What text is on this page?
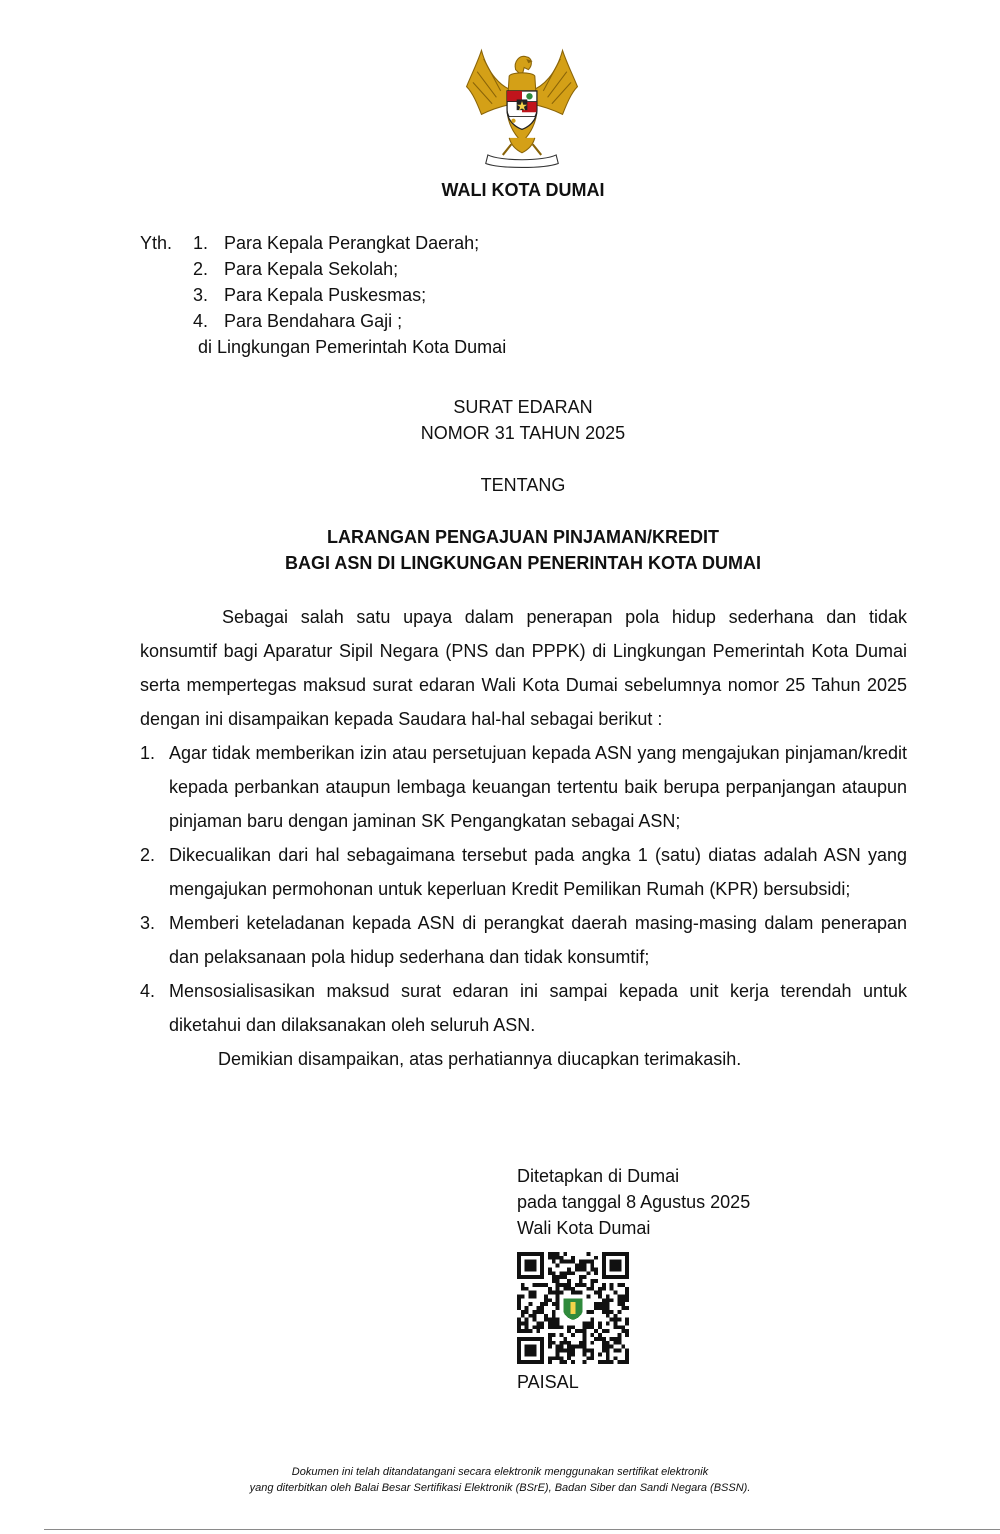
WALI KOTA DUMAI
Yth. 1. Para Kepala Perangkat Daerah;
2. Para Kepala Sekolah;
3. Para Kepala Puskesmas;
4. Para Bendahara Gaji ;
di Lingkungan Pemerintah Kota Dumai
SURAT EDARAN
NOMOR 31 TAHUN 2025
TENTANG
LARANGAN PENGAJUAN PINJAMAN/KREDIT
BAGI ASN DI LINGKUNGAN PENERINTAH KOTA DUMAI

Sebagai salah satu upaya dalam penerapan pola hidup sederhana dan tidak konsumtif bagi Aparatur Sipil Negara (PNS dan PPPK) di Lingkungan Pemerintah Kota Dumai serta mempertegas maksud surat edaran Wali Kota Dumai sebelumnya nomor 25 Tahun 2025 dengan ini disampaikan kepada Saudara hal-hal sebagai berikut :

1. Agar tidak memberikan izin atau persetujuan kepada ASN yang mengajukan pinjaman/kredit kepada perbankan ataupun lembaga keuangan tertentu baik berupa perpanjangan ataupun pinjaman baru dengan jaminan SK Pengangkatan sebagai ASN;
2. Dikecualikan dari hal sebagaimana tersebut pada angka 1 (satu) diatas adalah ASN yang mengajukan permohonan untuk keperluan Kredit Pemilikan Rumah (KPR) bersubsidi;
3. Memberi keteladanan kepada ASN di perangkat daerah masing-masing dalam penerapan dan pelaksanaan pola hidup sederhana dan tidak konsumtif;
4. Mensosialisasikan maksud surat edaran ini sampai kepada unit kerja terendah untuk diketahui dan dilaksanakan oleh seluruh ASN.

Demikian disampaikan, atas perhatiannya diucapkan terimakasih.

Ditetapkan di Dumai
pada tanggal 8 Agustus 2025
Wali Kota Dumai
PAISAL
Dokumen ini telah ditandatangani secara elektronik menggunakan sertifikat elektronik
yang diterbitkan oleh Balai Besar Sertifikasi Elektronik (BSrE), Badan Siber dan Sandi Negara (BSSN).
